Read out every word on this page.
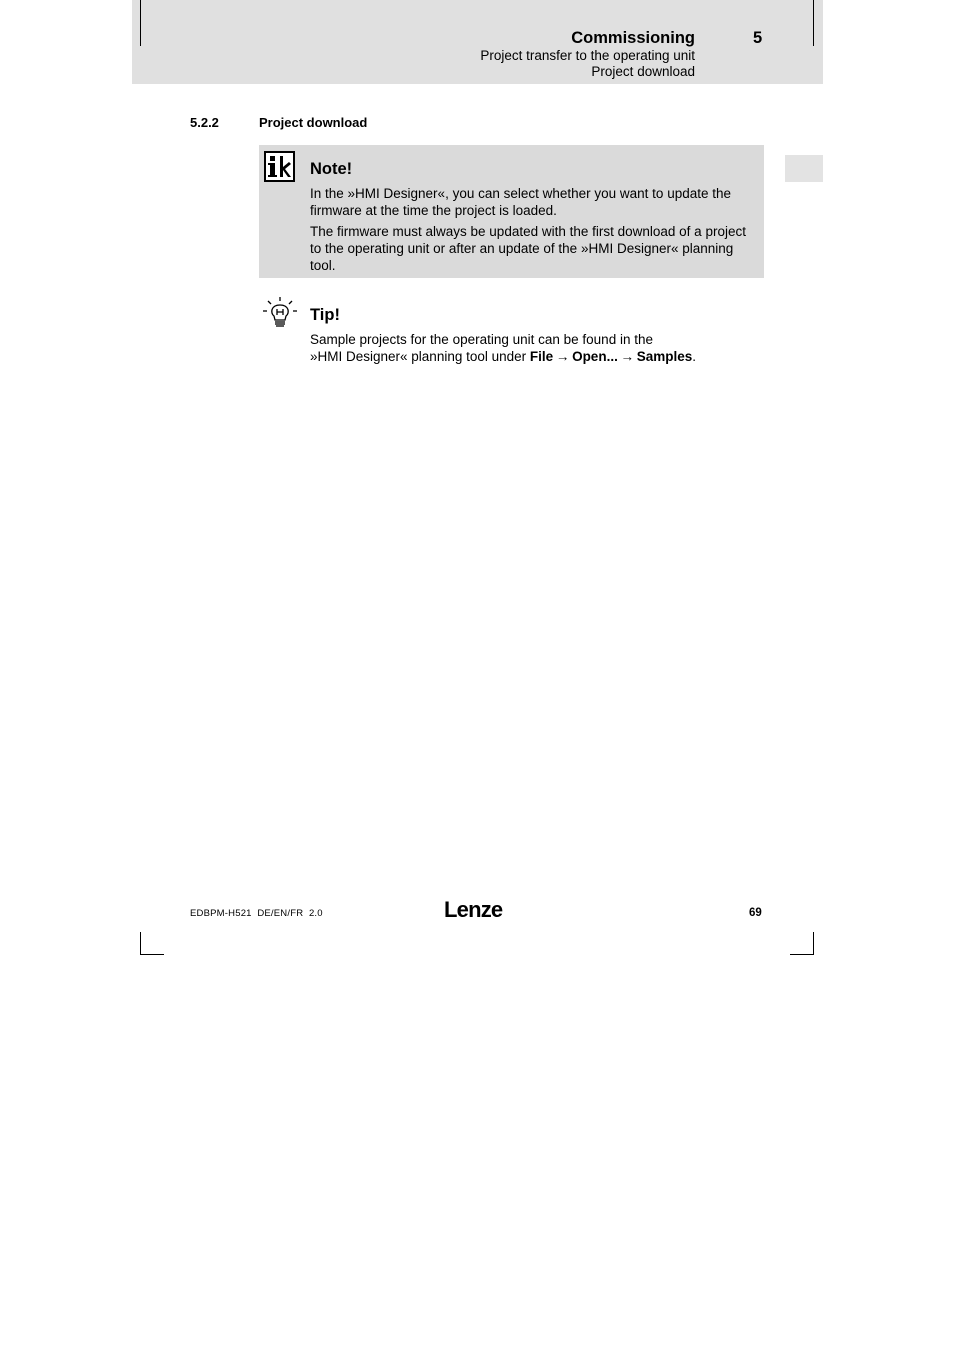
Commissioning	5
Project transfer to the operating unit
Project download
5.2.2	Project download
Note!
In the »HMI Designer«, you can select whether you want to update the firmware at the time the project is loaded.
The firmware must always be updated with the first download of a project to the operating unit or after an update of the »HMI Designer« planning tool.
Tip!
Sample projects for the operating unit can be found in the
»HMI Designer« planning tool under File  →  Open...  →  Samples.
EDBPM-H521  DE/EN/FR  2.0	Lenze	69
